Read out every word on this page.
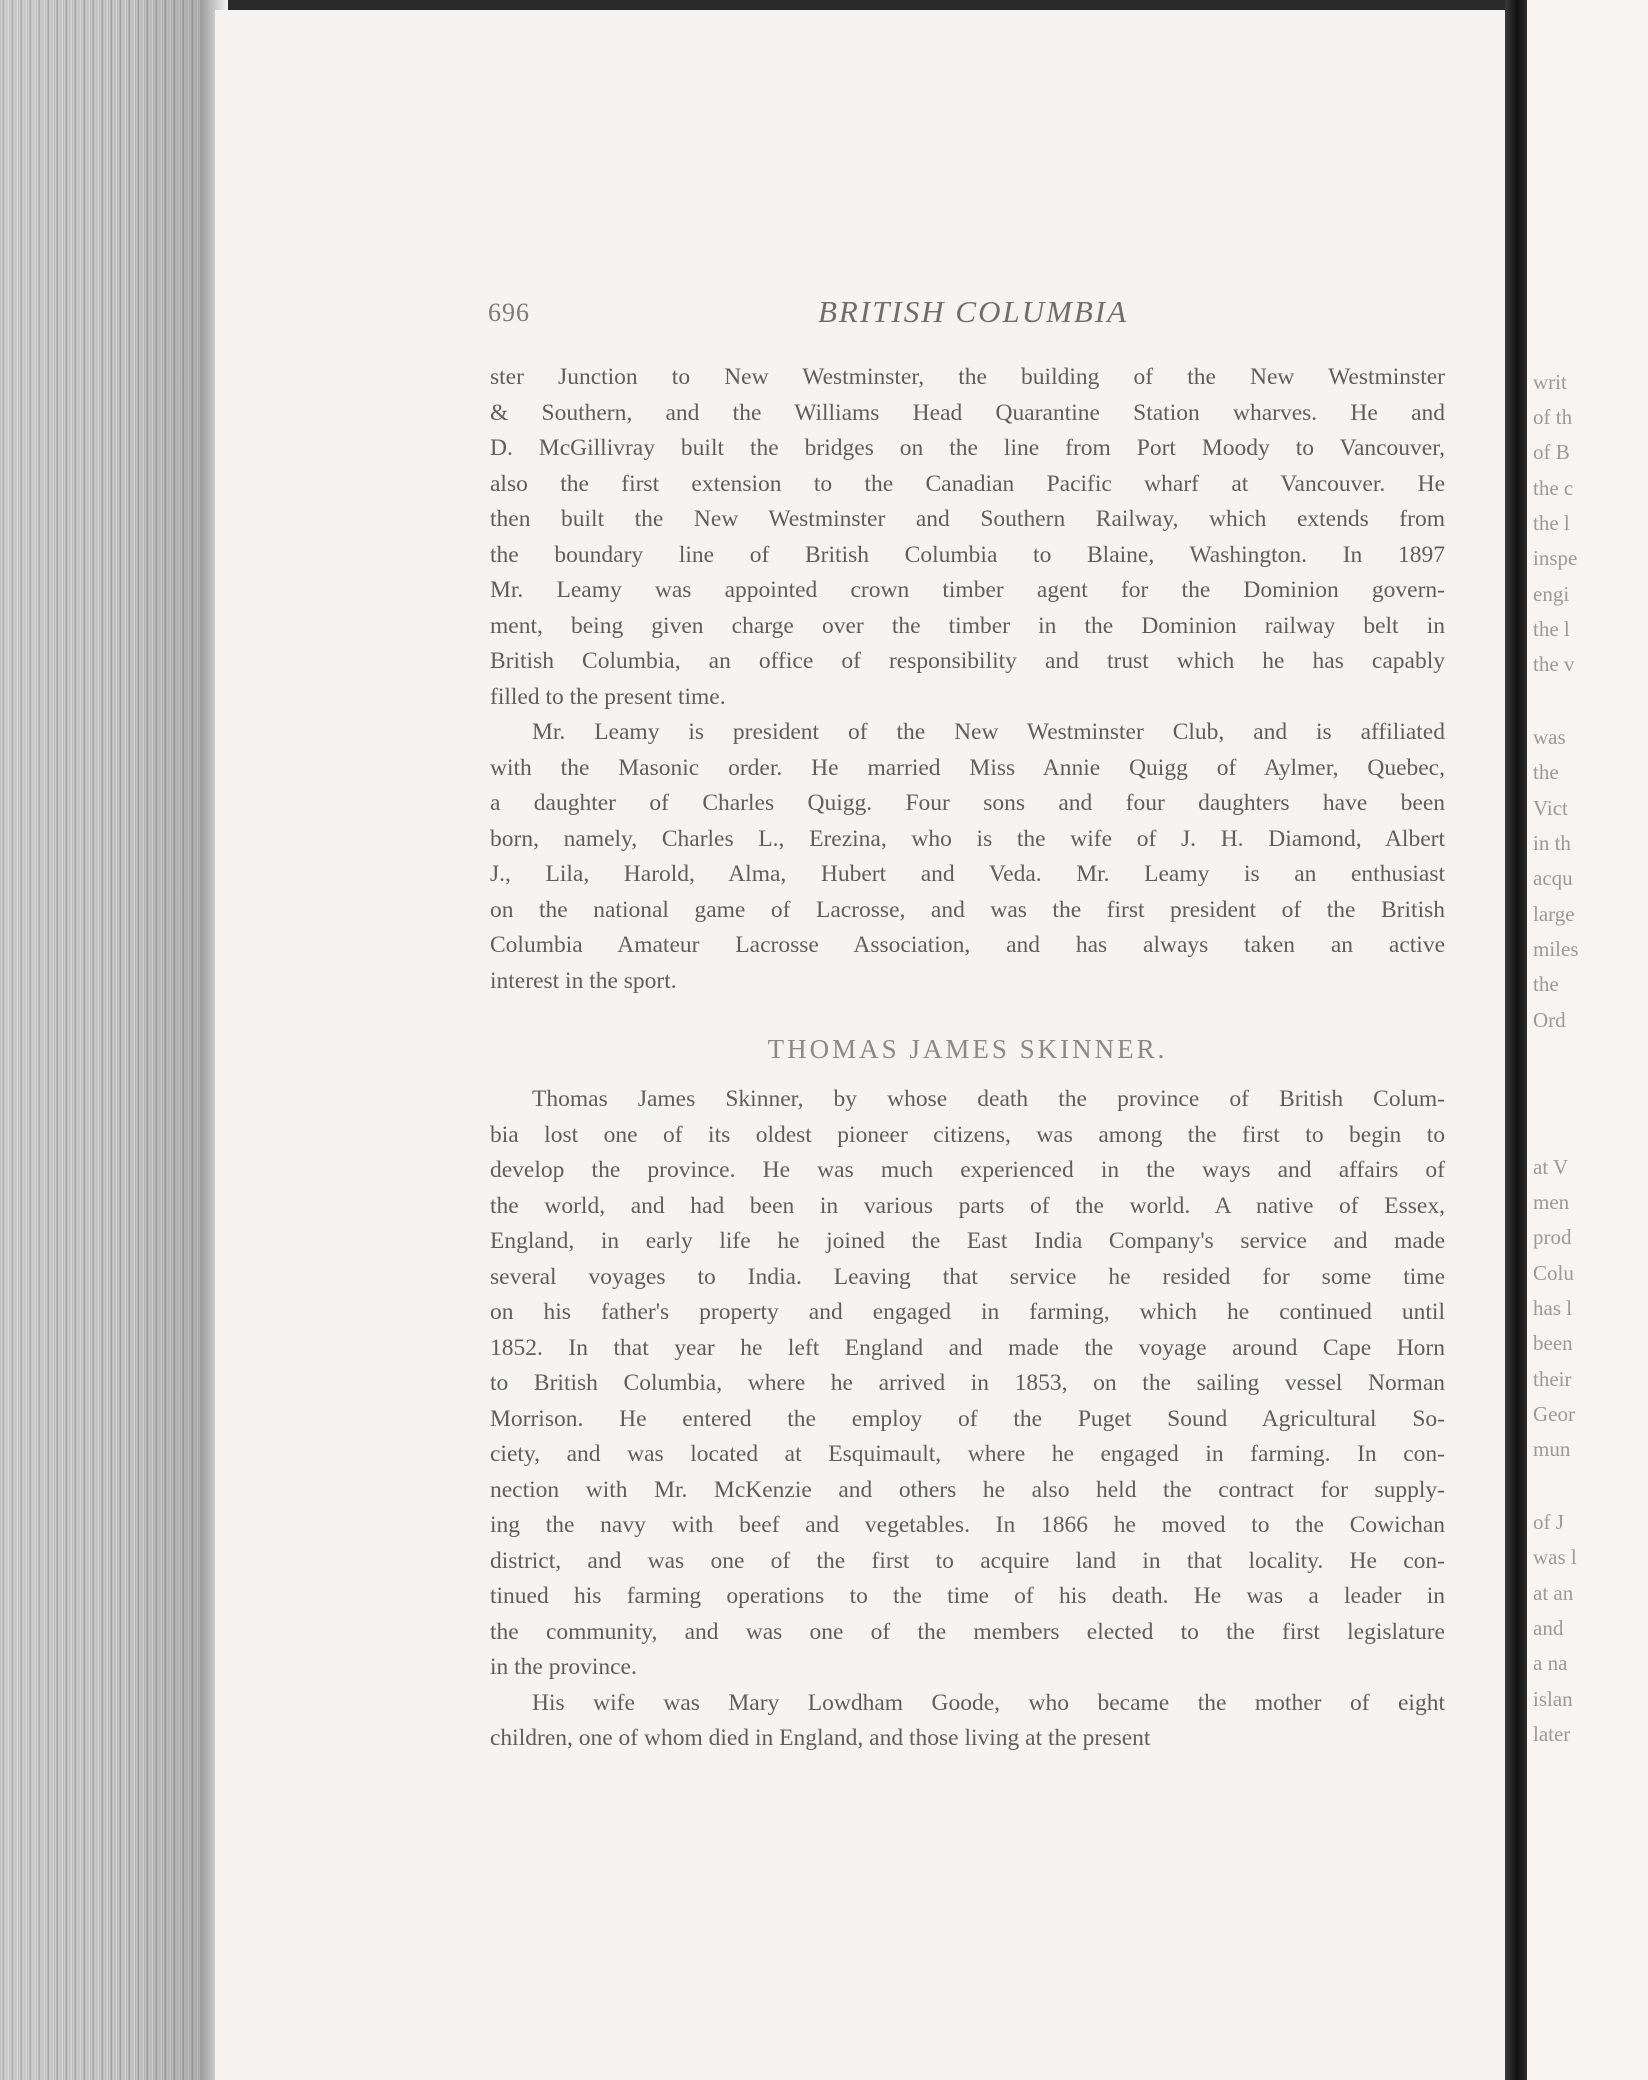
writ
of th
of B
the c
the l
inspe
engi
the l
the v
was
the
Vict
in th
acqu
large
miles
the
Ord
at V
men
prod
Colu
has l
been
their
Geor
mun
of J
was l
at an
and
a na
islan
later
696	BRITISH COLUMBIA
ster Junction to New Westminster, the building of the New Westminster
& Southern, and the Williams Head Quarantine Station wharves. He and
D. McGillivray built the bridges on the line from Port Moody to Vancouver,
also the first extension to the Canadian Pacific wharf at Vancouver. He
then built the New Westminster and Southern Railway, which extends from
the boundary line of British Columbia to Blaine, Washington. In 1897
Mr. Leamy was appointed crown timber agent for the Dominion govern-
ment, being given charge over the timber in the Dominion railway belt in
British Columbia, an office of responsibility and trust which he has capably
filled to the present time.
Mr. Leamy is president of the New Westminster Club, and is affiliated
with the Masonic order. He married Miss Annie Quigg of Aylmer, Quebec,
a daughter of Charles Quigg. Four sons and four daughters have been
born, namely, Charles L., Erezina, who is the wife of J. H. Diamond, Albert
J., Lila, Harold, Alma, Hubert and Veda. Mr. Leamy is an enthusiast
on the national game of Lacrosse, and was the first president of the British
Columbia Amateur Lacrosse Association, and has always taken an active
interest in the sport.
THOMAS JAMES SKINNER.
Thomas James Skinner, by whose death the province of British Colum-
bia lost one of its oldest pioneer citizens, was among the first to begin to
develop the province. He was much experienced in the ways and affairs of
the world, and had been in various parts of the world. A native of Essex,
England, in early life he joined the East India Company's service and made
several voyages to India. Leaving that service he resided for some time
on his father's property and engaged in farming, which he continued until
1852. In that year he left England and made the voyage around Cape Horn
to British Columbia, where he arrived in 1853, on the sailing vessel Norman
Morrison. He entered the employ of the Puget Sound Agricultural So-
ciety, and was located at Esquimault, where he engaged in farming. In con-
nection with Mr. McKenzie and others he also held the contract for supply-
ing the navy with beef and vegetables. In 1866 he moved to the Cowichan
district, and was one of the first to acquire land in that locality. He con-
tinued his farming operations to the time of his death. He was a leader in
the community, and was one of the members elected to the first legislature
in the province.
His wife was Mary Lowdham Goode, who became the mother of eight
children, one of whom died in England, and those living at the present
